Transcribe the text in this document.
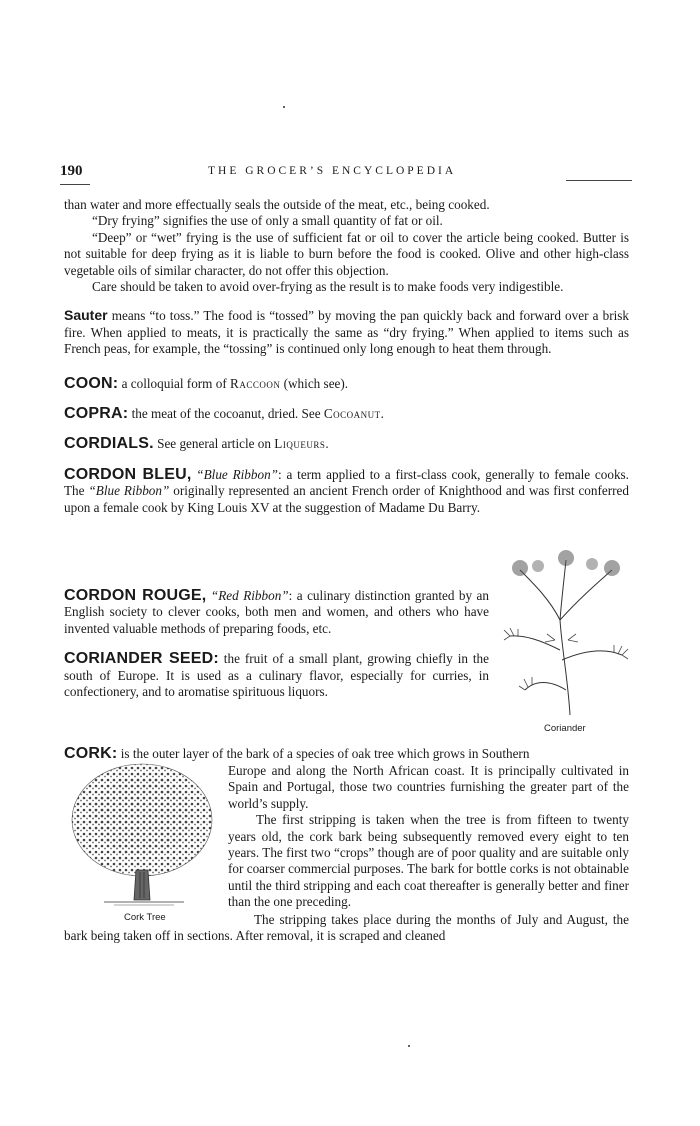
190	THE GROCER’S ENCYCLOPEDIA

than water and more effectually seals the outside of the meat, etc., being cooked.

“Dry frying” signifies the use of only a small quantity of fat or oil.

“Deep” or “wet” frying is the use of sufficient fat or oil to cover the article being cooked. Butter is not suitable for deep frying as it is liable to burn before the food is cooked. Olive and other high-class vegetable oils of similar character, do not offer this objection.

Care should be taken to avoid over-frying as the result is to make foods very indigestible.

Sauter means “to toss.” The food is “tossed” by moving the pan quickly back and forward over a brisk fire. When applied to meats, it is practically the same as “dry frying.” When applied to items such as French peas, for example, the “tossing” is continued only long enough to heat them through.

COON: a colloquial form of Raccoon (which see).

COPRA: the meat of the cocoanut, dried. See Cocoanut.

CORDIALS. See general article on Liqueurs.

CORDON BLEU, “Blue Ribbon”: a term applied to a first-class cook, generally to female cooks. The “Blue Ribbon” originally represented an ancient French order of Knighthood and was first conferred upon a female cook by King Louis XV at the suggestion of Madame Du Barry.

CORDON ROUGE, “Red Ribbon”: a culinary distinction granted by an English society to clever cooks, both men and women, and others who have invented valuable methods of preparing foods, etc.

CORIANDER SEED: the fruit of a small plant, growing chiefly in the south of Europe. It is used as a culinary flavor, especially for curries, in confectionery, and to aromatise spirituous liquors.

Coriander

CORK: is the outer layer of the bark of a species of oak tree which grows in Southern

Europe and along the North African coast. It is principally cultivated in Spain and Portugal, those two countries furnishing the greater part of the world’s supply.

The first stripping is taken when the tree is from fifteen to twenty years old, the cork bark being subsequently removed every eight to ten years. The first two “crops” though are of poor quality and are suitable only for coarser commercial purposes. The bark for bottle corks is not obtainable until the third stripping and each coat thereafter is generally better and finer than the one preceding.

Cork Tree	The stripping takes place during the months of July and August, the bark being taken off in sections. After removal, it is scraped and cleaned
